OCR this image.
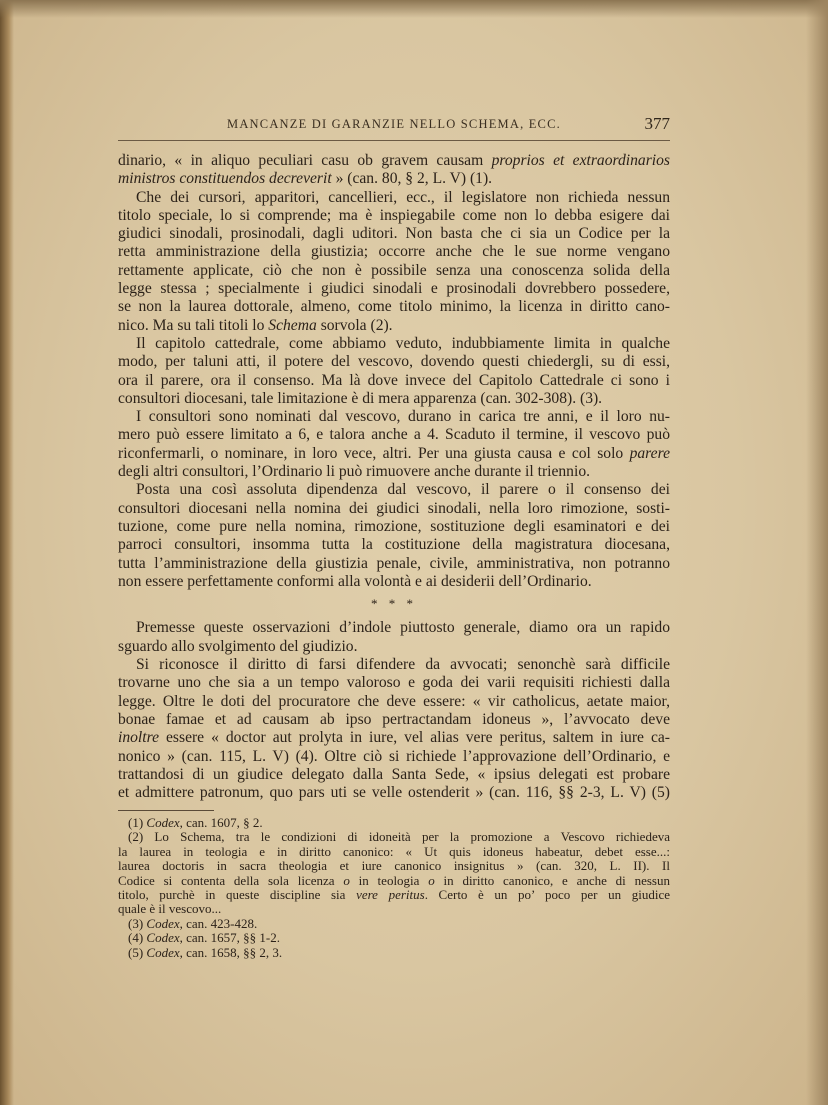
MANCANZE DI GARANZIE NELLO SCHEMA, ECC.	377
dinario, « in aliquo peculiari casu ob gravem causam proprios et extraordinarios
ministros constituendos decreverit » (can. 80, § 2, L. V) (1).
Che dei cursori, apparitori, cancellieri, ecc., il legislatore non richieda nessun
titolo speciale, lo si comprende; ma è inspiegabile come non lo debba esigere dai
giudici sinodali, prosinodali, dagli uditori. Non basta che ci sia un Codice per la
retta amministrazione della giustizia; occorre anche che le sue norme vengano
rettamente applicate, ciò che non è possibile senza una conoscenza solida della
legge stessa ; specialmente i giudici sinodali e prosinodali dovrebbero possedere,
se non la laurea dottorale, almeno, come titolo minimo, la licenza in diritto cano-
nico. Ma su tali titoli lo Schema sorvola (2).
Il capitolo cattedrale, come abbiamo veduto, indubbiamente limita in qualche
modo, per taluni atti, il potere del vescovo, dovendo questi chiedergli, su di essi,
ora il parere, ora il consenso. Ma là dove invece del Capitolo Cattedrale ci sono i
consultori diocesani, tale limitazione è di mera apparenza (can. 302-308). (3).
I consultori sono nominati dal vescovo, durano in carica tre anni, e il loro nu-
mero può essere limitato a 6, e talora anche a 4. Scaduto il termine, il vescovo può
riconfermarli, o nominare, in loro vece, altri. Per una giusta causa e col solo parere
degli altri consultori, l’Ordinario li può rimuovere anche durante il triennio.
Posta una così assoluta dipendenza dal vescovo, il parere o il consenso dei
consultori diocesani nella nomina dei giudici sinodali, nella loro rimozione, sosti-
tuzione, come pure nella nomina, rimozione, sostituzione degli esaminatori e dei
parroci consultori, insomma tutta la costituzione della magistratura diocesana,
tutta l’amministrazione della giustizia penale, civile, amministrativa, non potranno
non essere perfettamente conformi alla volontà e ai desiderii dell’Ordinario.
* * *
Premesse queste osservazioni d’indole piuttosto generale, diamo ora un rapido
sguardo allo svolgimento del giudizio.
Si riconosce il diritto di farsi difendere da avvocati; senonchè sarà difficile
trovarne uno che sia a un tempo valoroso e goda dei varii requisiti richiesti dalla
legge. Oltre le doti del procuratore che deve essere: « vir catholicus, aetate maior,
bonae famae et ad causam ab ipso pertractandam idoneus », l’avvocato deve
inoltre essere « doctor aut prolyta in iure, vel alias vere peritus, saltem in iure ca-
nonico » (can. 115, L. V) (4). Oltre ciò si richiede l’approvazione dell’Ordinario, e
trattandosi di un giudice delegato dalla Santa Sede, « ipsius delegati est probare
et admittere patronum, quo pars uti se velle ostenderit » (can. 116, §§ 2-3, L. V) (5)
(1) Codex, can. 1607, § 2.
(2) Lo Schema, tra le condizioni di idoneità per la promozione a Vescovo richiedeva
la laurea in teologia e in diritto canonico: « Ut quis idoneus habeatur, debet esse...:
laurea doctoris in sacra theologia et iure canonico insignitus » (can. 320, L. II). Il
Codice si contenta della sola licenza o in teologia o in diritto canonico, e anche di nessun
titolo, purchè in queste discipline sia vere peritus. Certo è un po’ poco per un giudice
quale è il vescovo...
(3) Codex, can. 423-428.
(4) Codex, can. 1657, §§ 1-2.
(5) Codex, can. 1658, §§ 2, 3.
